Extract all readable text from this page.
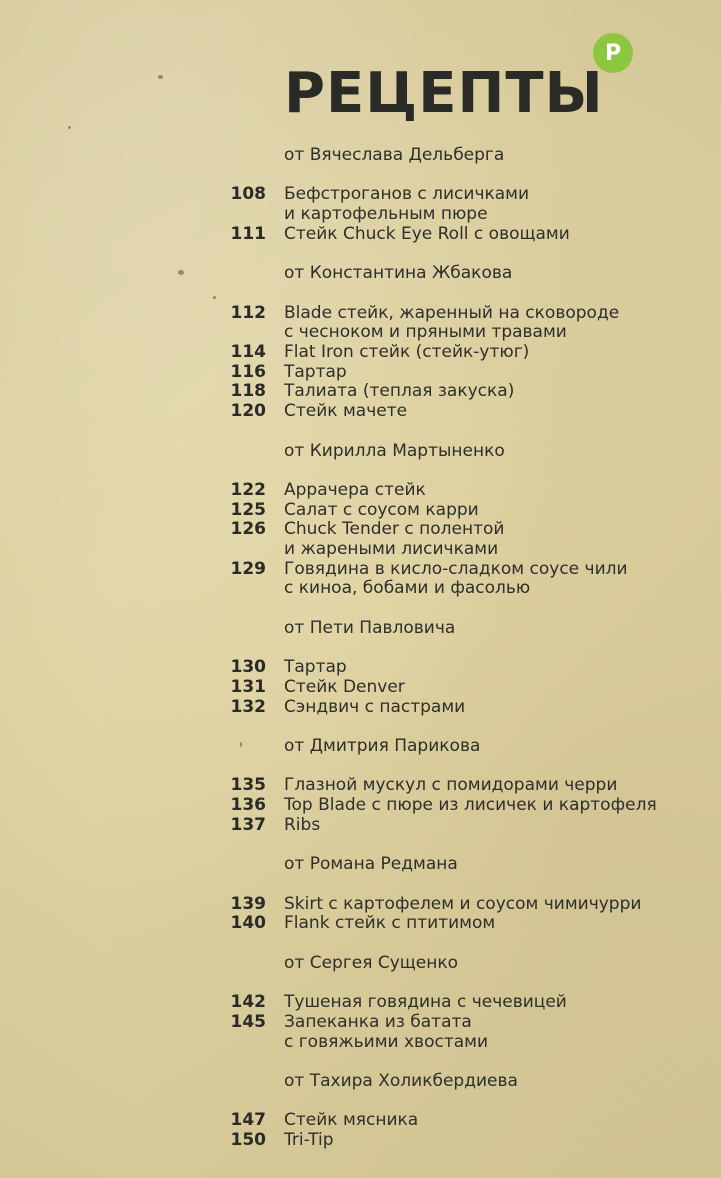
Р
РЕЦЕПТЫ
от Вячеслава Дельберга
108 Бефстроганов с лисичками
и картофельным пюре
111 Стейк Chuck Eye Roll с овощами
от Константина Жбакова
112 Blade стейк, жаренный на сковороде
с чесноком и пряными травами
114 Flat Iron стейк (стейк-утюг)
116 Тартар
118 Талиата (теплая закуска)
120 Стейк мачете
от Кирилла Мартыненко
122 Аррачера стейк
125 Салат с соусом карри
126 Chuck Tender с полентой
и жареными лисичками
129 Говядина в кисло-сладком соусе чили
с киноа, бобами и фасолью
от Пети Павловича
130 Тартар
131 Стейк Denver
132 Сэндвич с пастрами
от Дмитрия Парикова
135 Глазной мускул с помидорами черри
136 Top Blade с пюре из лисичек и картофеля
137 Ribs
от Романа Редмана
139 Skirt с картофелем и соусом чимичурри
140 Flank стейк с птитимом
от Сергея Сущенко
142 Тушеная говядина с чечевицей
145 Запеканка из батата
с говяжьими хвостами
от Тахира Холикбердиева
147 Стейк мясника
150 Tri-Tip
